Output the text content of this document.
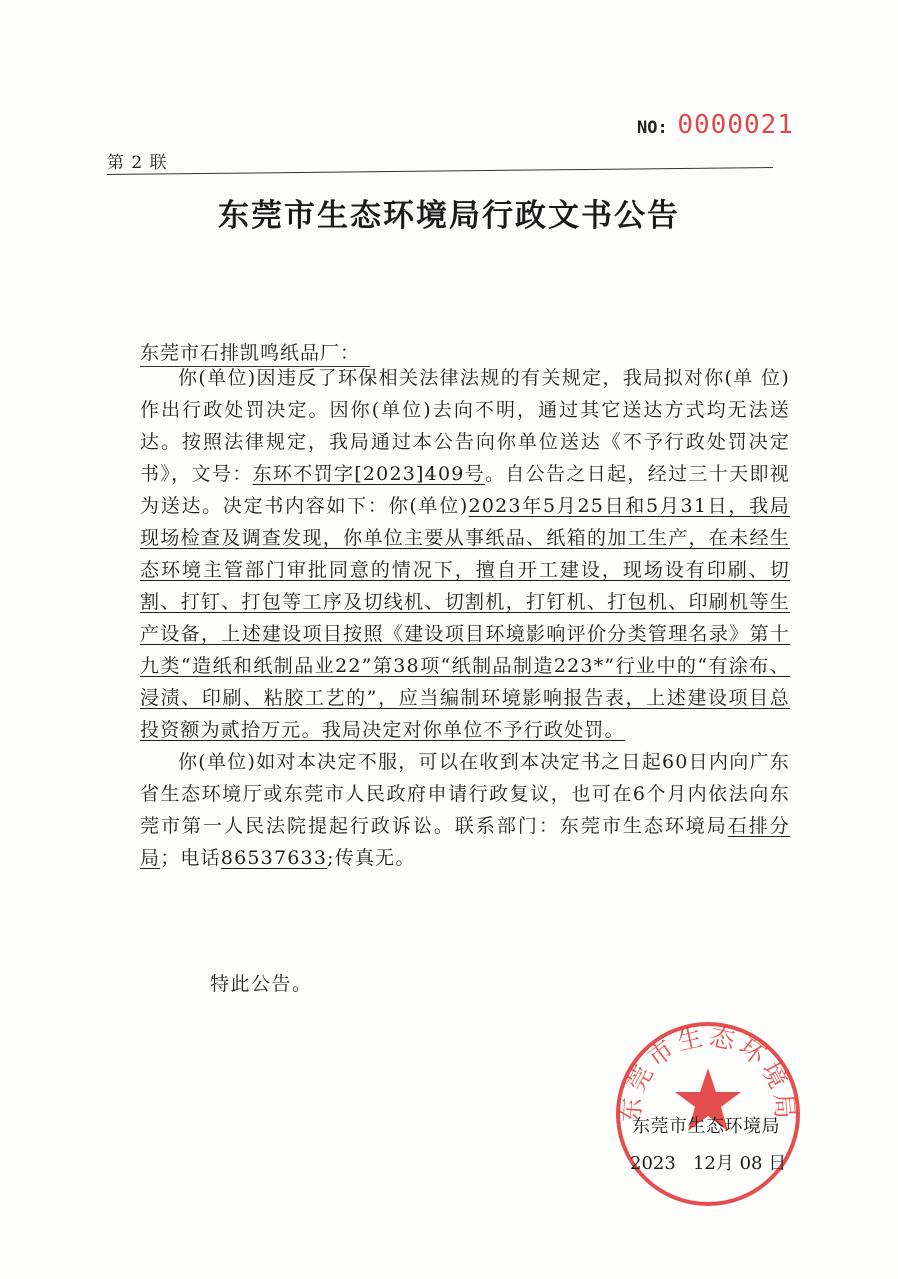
NO: 0000021
第 2 联
东莞市生态环境局行政文书公告
东莞市石排凯鸣纸品厂：

你(单位)因违反了环保相关法律法规的有关规定，我局拟对你(单 位)作出行政处罚决定。因你(单位)去向不明，通过其它送达方式均无法送达。按照法律规定，我局通过本公告向你单位送达《不予行政处罚决定书》，文号：东环不罚字[2023]409号。自公告之日起，经过三十天即视为送达。决定书内容如下：你(单位)2023年5月25日和5月31日，我局现场检查及调查发现，你单位主要从事纸品、纸箱的加工生产，在未经生态环境主管部门审批同意的情况下，擅自开工建设，现场设有印刷、切割、打钉、打包等工序及切线机、切割机，打钉机、打包机、印刷机等生产设备，上述建设项目按照《建设项目环境影响评价分类管理名录》第十九类“造纸和纸制品业22”第38项“纸制品制造223*”行业中的“有涂布、浸渍、印刷、粘胶工艺的”，应当编制环境影响报告表，上述建设项目总投资额为贰拾万元。我局决定对你单位不予行政处罚。

你(单位)如对本决定不服，可以在收到本决定书之日起60日内向广东省生态环境厅或东莞市人民政府申请行政复议，也可在6个月内依法向东莞市第一人民法院提起行政诉讼。联系部门：东莞市生态环境局石排分局；电话86537633;传真无。

特此公告。
东莞市生态环境局
东莞市生态环境局
2023 12月 08 日
